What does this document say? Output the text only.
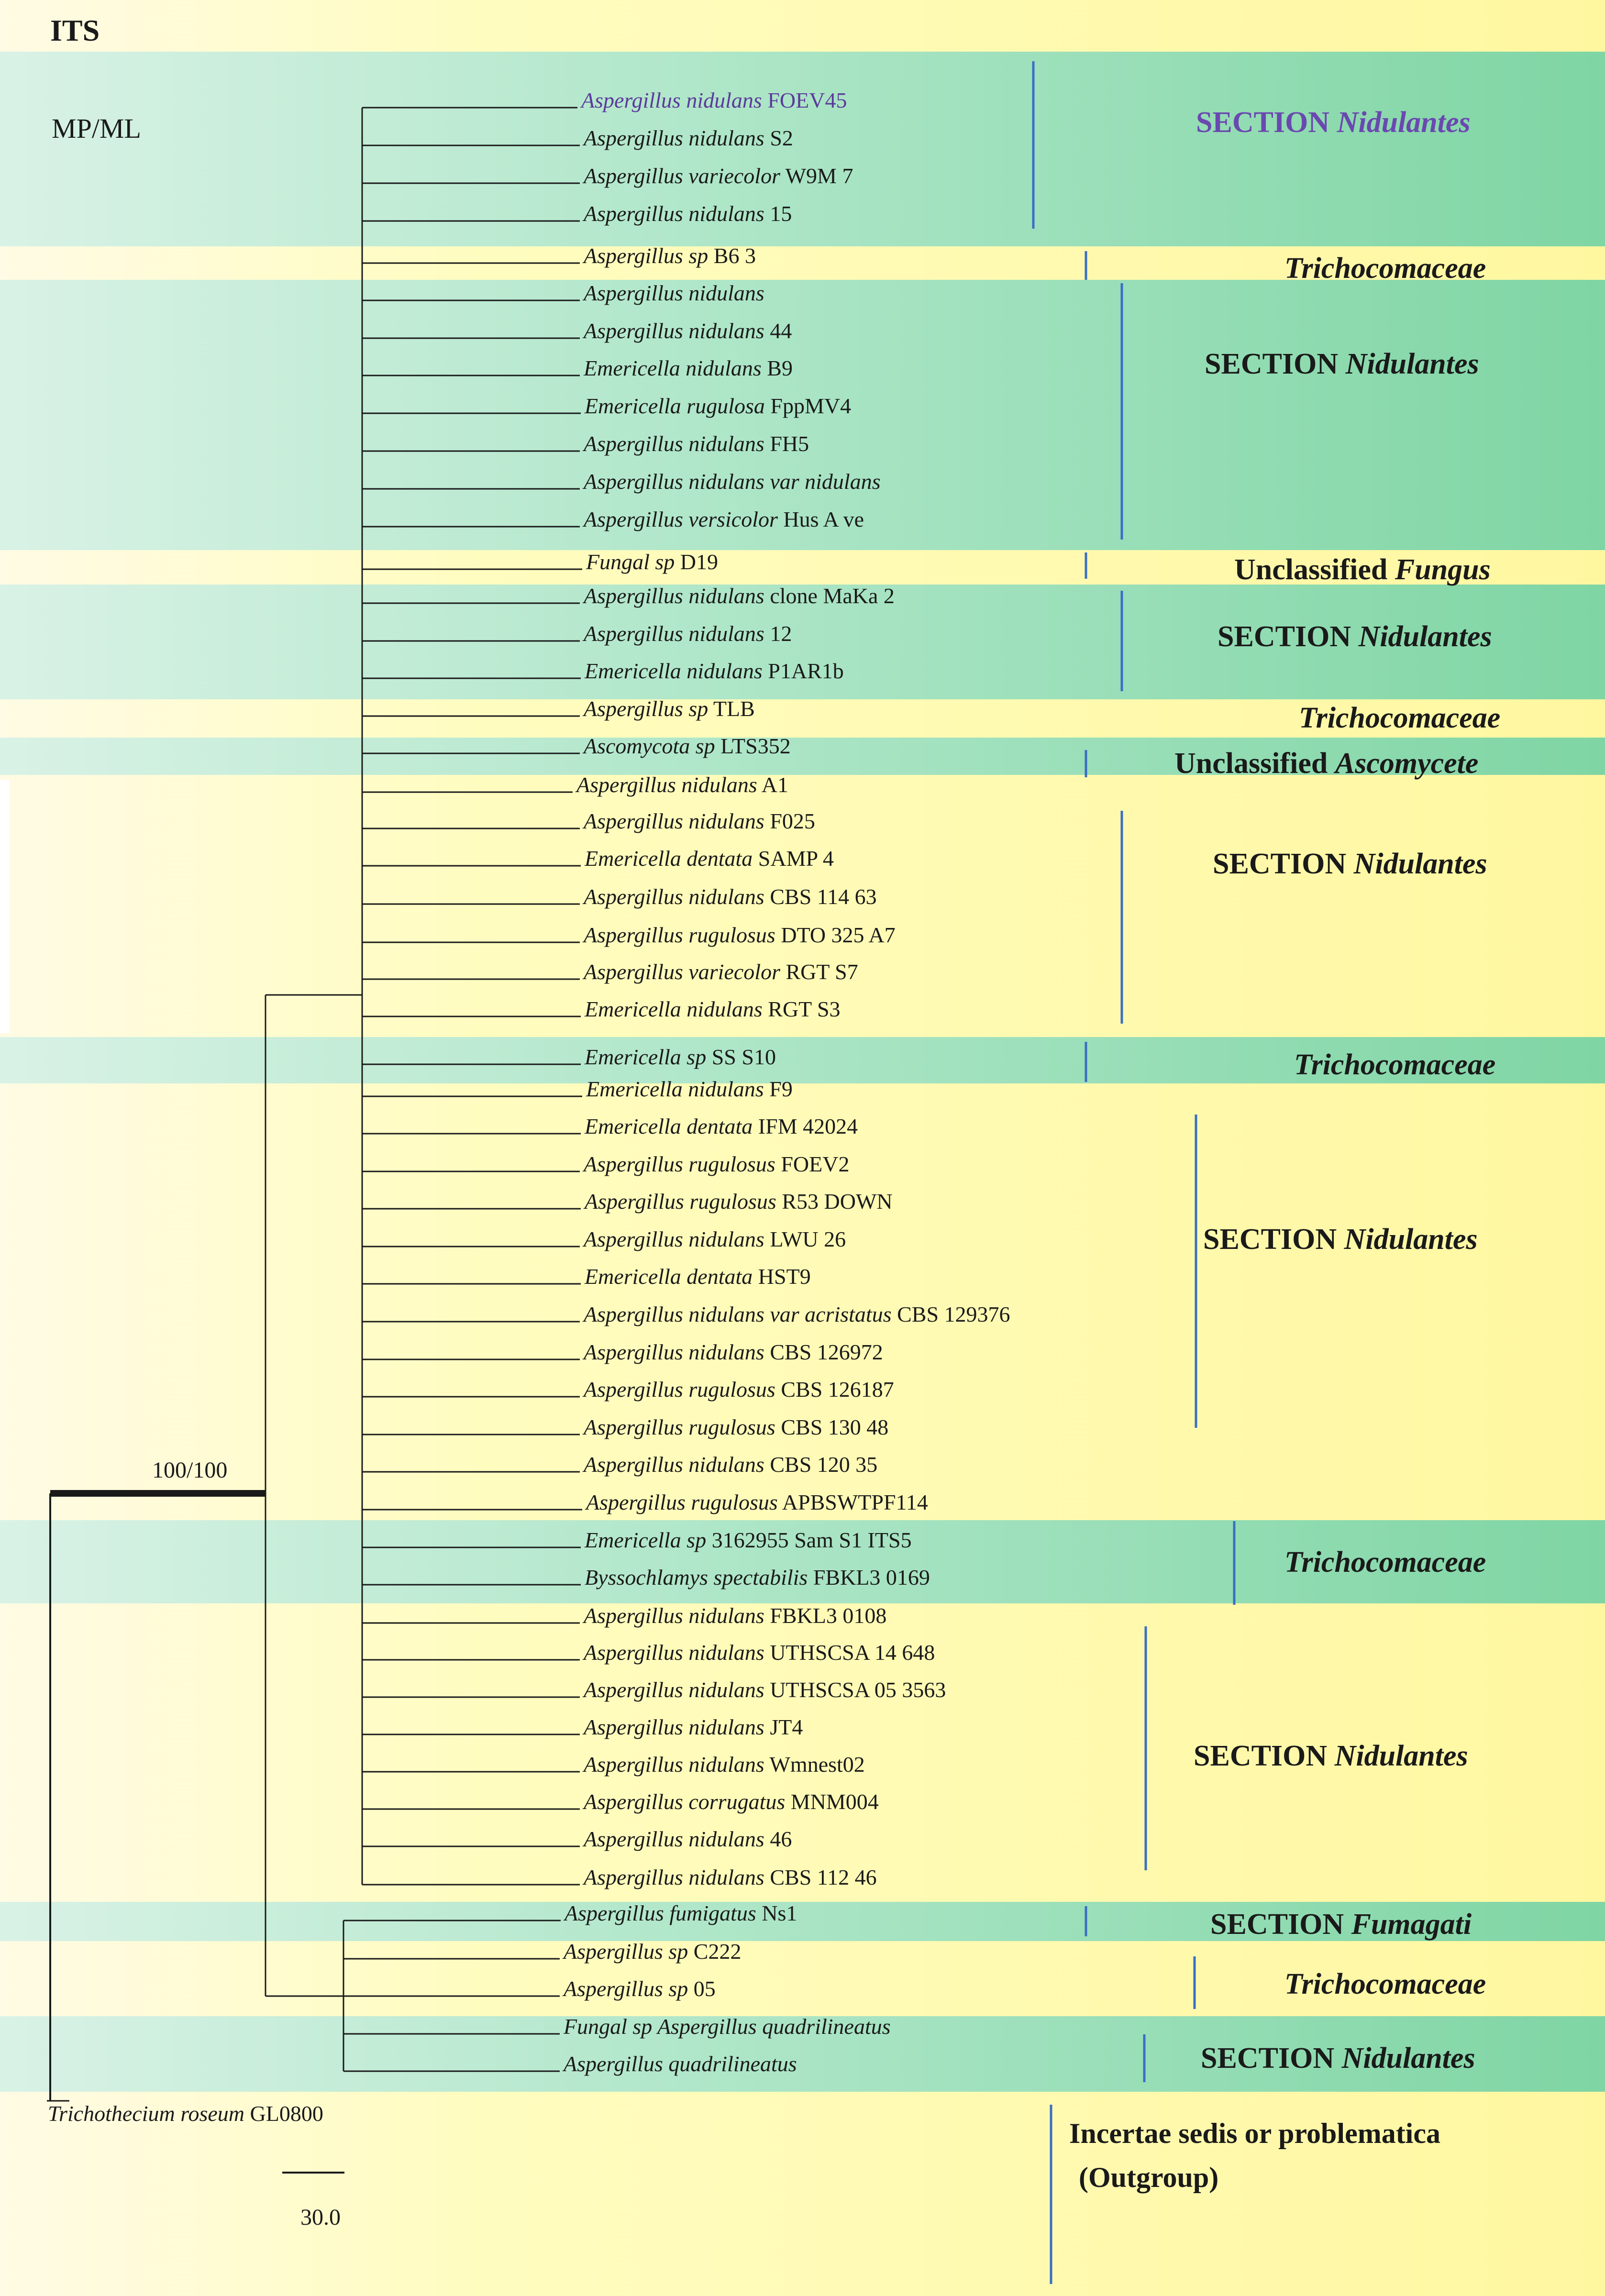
Aspergillus nidulans FOEV45
Aspergillus nidulans S2
Aspergillus variecolor W9M 7
Aspergillus nidulans 15
Aspergillus sp B6 3
Aspergillus nidulans
Aspergillus nidulans 44
Emericella nidulans B9
Emericella rugulosa FppMV4
Aspergillus nidulans FH5
Aspergillus nidulans var nidulans
Aspergillus versicolor Hus A ve
Fungal sp D19
Aspergillus nidulans clone MaKa 2
Aspergillus nidulans 12
Emericella nidulans P1AR1b
Aspergillus sp TLB
Ascomycota sp LTS352
Aspergillus nidulans A1
Aspergillus nidulans F025
Emericella dentata SAMP 4
Aspergillus nidulans CBS 114 63
Aspergillus rugulosus DTO 325 A7
Aspergillus variecolor RGT S7
Emericella nidulans RGT S3
Emericella sp SS S10
Emericella nidulans F9
Emericella dentata IFM 42024
Aspergillus rugulosus FOEV2
Aspergillus rugulosus R53 DOWN
Aspergillus nidulans LWU 26
Emericella dentata HST9
Aspergillus nidulans var acristatus CBS 129376
Aspergillus nidulans CBS 126972
Aspergillus rugulosus CBS 126187
Aspergillus rugulosus CBS 130 48
Aspergillus nidulans CBS 120 35
Aspergillus rugulosus APBSWTPF114
Emericella sp 3162955 Sam S1 ITS5
Byssochlamys spectabilis FBKL3 0169
Aspergillus nidulans FBKL3 0108
Aspergillus nidulans UTHSCSA 14 648
Aspergillus nidulans UTHSCSA 05 3563
Aspergillus nidulans JT4
Aspergillus nidulans Wmnest02
Aspergillus corrugatus MNM004
Aspergillus nidulans 46
Aspergillus nidulans CBS 112 46
Aspergillus fumigatus Ns1
Aspergillus sp C222
Aspergillus sp 05
Fungal sp Aspergillus quadrilineatus
Aspergillus quadrilineatus
SECTION Nidulantes
Trichocomaceae
SECTION Nidulantes
Unclassified Fungus
SECTION Nidulantes
Trichocomaceae
Unclassified Ascomycete
SECTION Nidulantes
Trichocomaceae
SECTION Nidulantes
Trichocomaceae
SECTION Nidulantes
SECTION Fumagati
Trichocomaceae
SECTION Nidulantes
ITS
MP/ML
100/100
30.0
Trichothecium roseum GL0800
Incertae sedis or problematica
(Outgroup)
